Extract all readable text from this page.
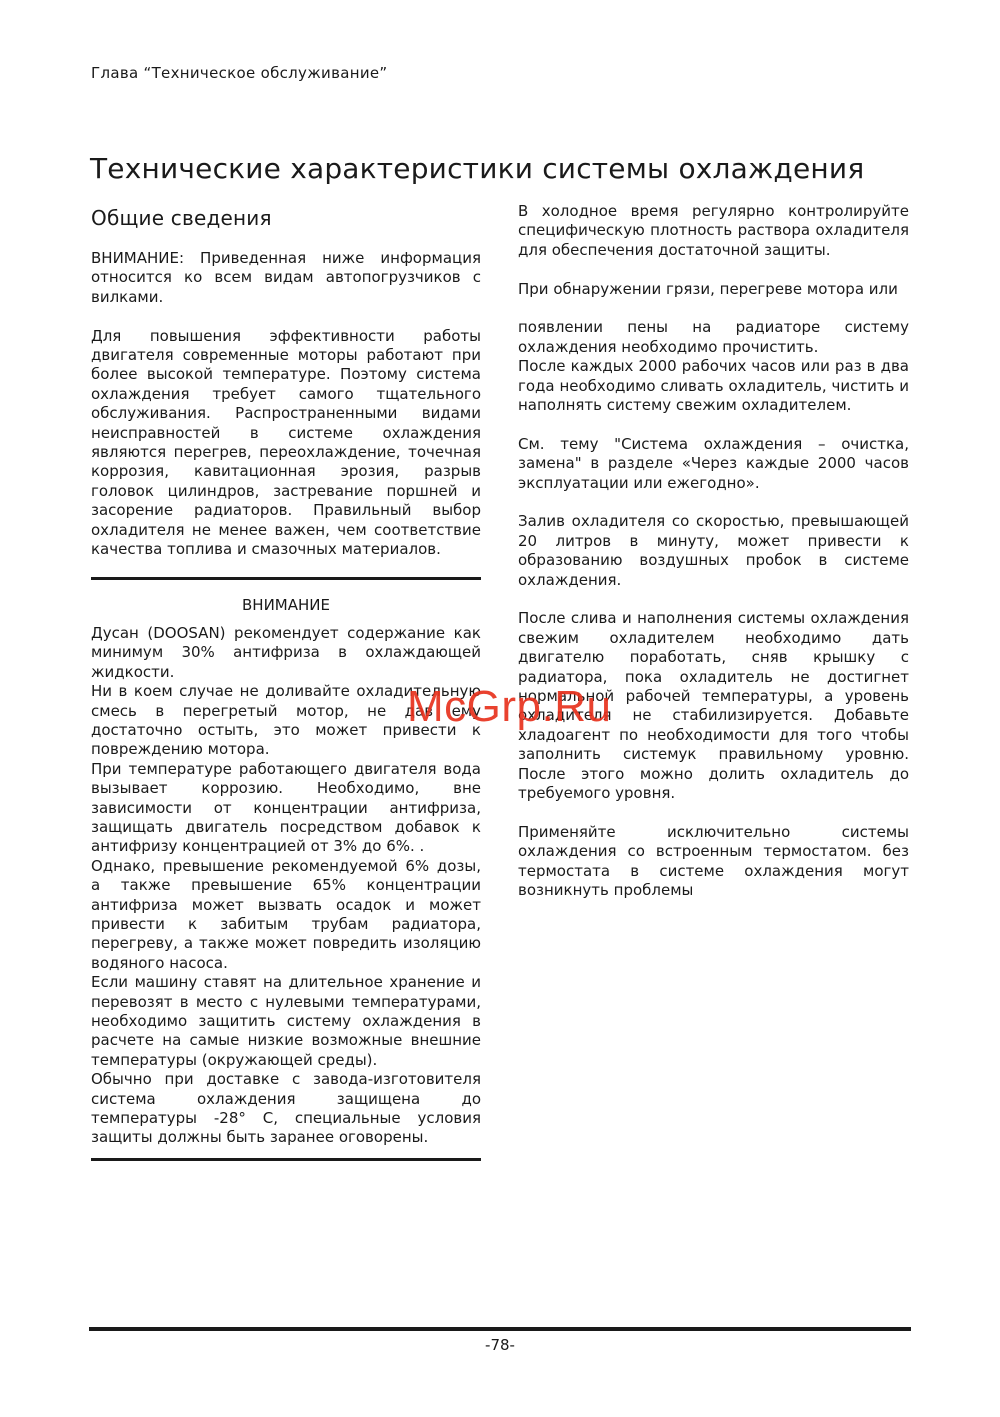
Глава “Техническое обслуживание”
Технические характеристики системы охлаждения
Общие сведения

ВНИМАНИЕ: Приведенная ниже информация относится ко всем видам автопогрузчиков с вилками.

Для повышения эффективности работы двигателя современные моторы работают при более высокой температуре. Поэтому система охлаждения требует самого тщательного обслуживания. Распространенными видами неисправностей в системе охлаждения являются перегрев, переохлаждение, точечная коррозия, кавитационная эрозия, разрыв головок цилиндров, застревание поршней и засорение радиаторов. Правильный выбор охладителя не менее важен, чем соответствие качества топлива и смазочных материалов.

ВНИМАНИЕ

Дусан (DOOSAN) рекомендует содержание как минимум 30% антифриза в охлаждающей жидкости.

Ни в коем случае не доливайте охладительную смесь в перегретый мотор, не дав ему достаточно остыть, это может привести к повреждению мотора.

При температуре работающего двигателя вода вызывает коррозию. Необходимо, вне зависимости от концентрации антифриза, защищать двигатель посредством добавок к антифризу концентрацией от 3% до 6%. .

Однако, превышение рекомендуемой 6% дозы, а также превышение 65% концентрации антифриза может вызвать осадок и может привести к забитым трубам радиатора, перегреву, а также может повредить изоляцию водяного насоса.

Если машину ставят на длительное хранение и перевозят в место с нулевыми температурами, необходимо защитить систему охлаждения в расчете на самые низкие возможные внешние температуры (окружающей среды).

Обычно при доставке с завода-изготовителя система охлаждения защищена до температуры -28° С, специальные условия защиты должны быть заранее оговорены.

В холодное время регулярно контролируйте специфическую плотность раствора охладителя для обеспечения достаточной защиты.

При обнаружении грязи, перегреве мотора или

появлении пены на радиаторе систему охлаждения необходимо прочистить.

После каждых 2000 рабочих часов или раз в два года необходимо сливать охладитель, чистить и наполнять систему свежим охладителем.

См. тему "Система охлаждения – очистка, замена" в разделе «Через каждые 2000 часов эксплуатации или ежегодно».

Залив охладителя со скоростью, превышающей 20 литров в минуту, может привести к образованию воздушных пробок в системе охлаждения.

После слива и наполнения системы охлаждения свежим охладителем необходимо дать двигателю поработать, сняв крышку с радиатора, пока охладитель не достигнет нормальной рабочей температуры, а уровень охладителя не стабилизируется. Добавьте хладоагент по необходимости для того чтобы заполнить системук правильному уровню. После этого можно долить охладитель до требуемого уровня.

Применяйте исключительно системы охлаждения со встроенным термостатом. без термостата в системе охлаждения могут возникнуть проблемы

McGrp.Ru
-78-
